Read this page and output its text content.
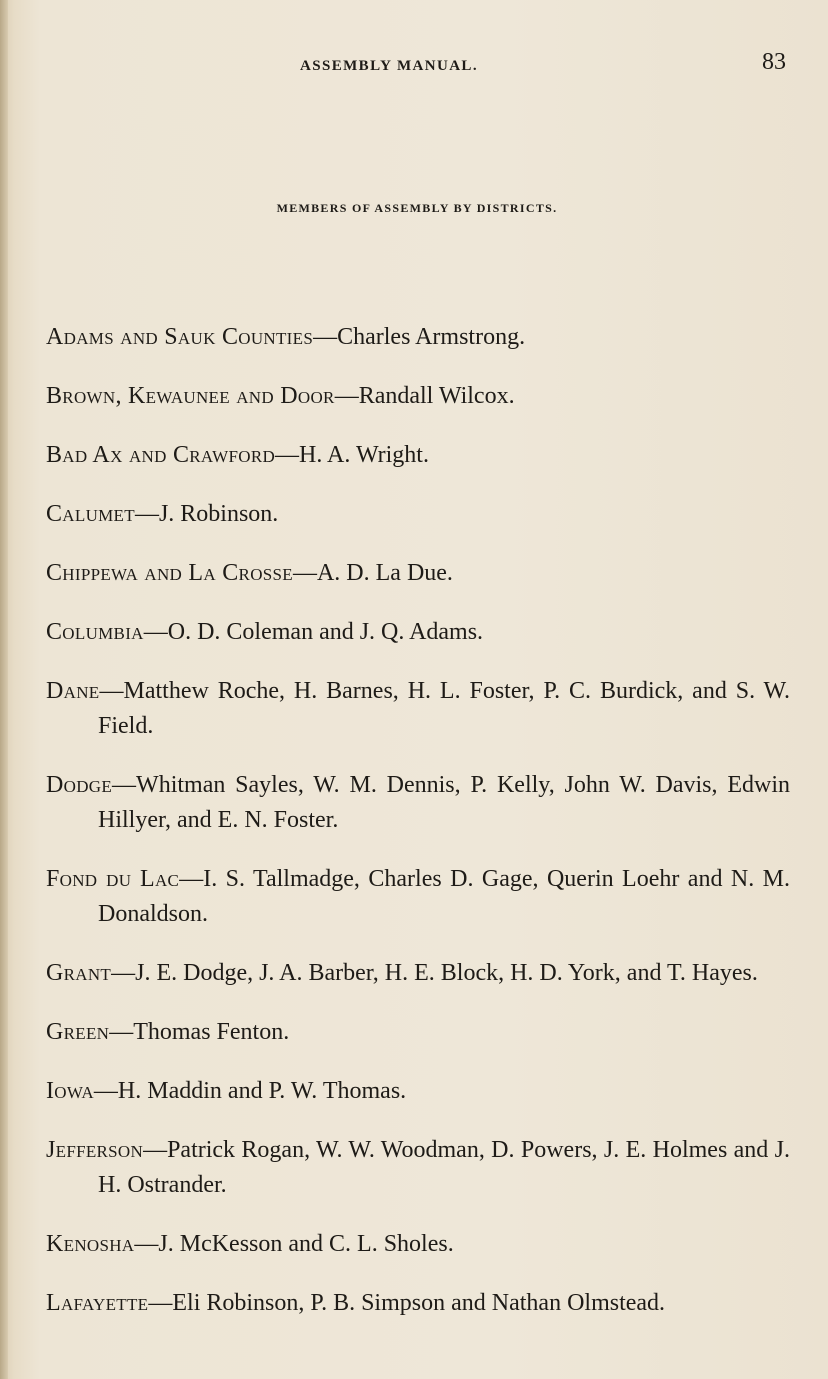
ASSEMBLY MANUAL.	83
MEMBERS OF ASSEMBLY BY DISTRICTS.

Adams and Sauk Counties — Charles Armstrong.

Brown, Kewaunee and Door — Randall Wilcox.

Bad Ax and Crawford — H. A. Wright.

Calumet — J. Robinson.

Chippewa and La Crosse — A. D. La Due.

Columbia — O. D. Coleman and J. Q. Adams.

Dane — Matthew Roche, H. Barnes, H. L. Foster, P. C. Burdick, and S. W. Field.

Dodge — Whitman Sayles, W. M. Dennis, P. Kelly, John W. Davis, Edwin Hillyer, and E. N. Foster.

Fond du Lac — I. S. Tallmadge, Charles D. Gage, Querin Loehr and N. M. Donaldson.

Grant — J. E. Dodge, J. A. Barber, H. E. Block, H. D. York, and T. Hayes.

Green — Thomas Fenton.

Iowa — H. Maddin and P. W. Thomas.

Jefferson — Patrick Rogan, W. W. Woodman, D. Powers, J. E. Holmes and J. H. Ostrander.

Kenosha — J. McKesson and C. L. Sholes.

Lafayette — Eli Robinson, P. B. Simpson and Nathan Olmstead.
